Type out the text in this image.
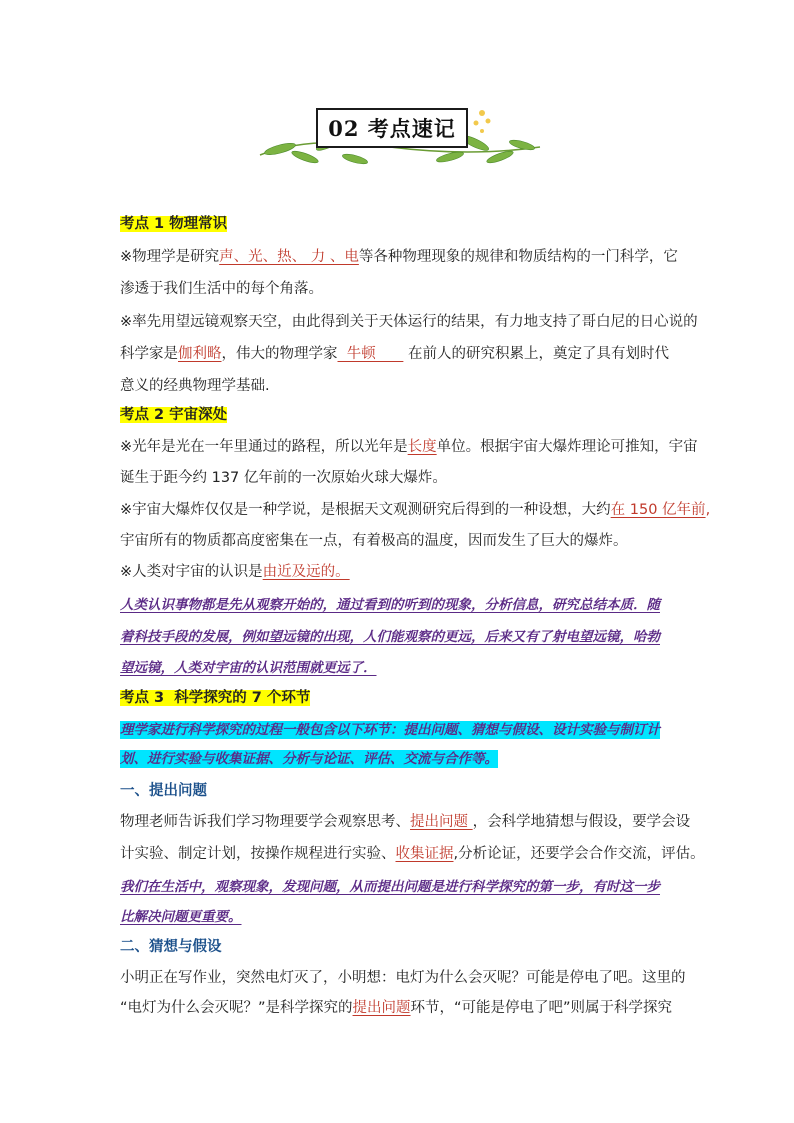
02 考点速记
考点 1 物理常识
※物理学是研究声、光、热、 力 、电等各种物理现象的规律和物质结构的一门科学，它
渗透于我们生活中的每个角落。
※率先用望远镜观察天空，由此得到关于天体运行的结果，有力地支持了哥白尼的日心说的
科学家是伽利略，伟大的物理学家  牛顿       在前人的研究积累上，奠定了具有划时代
意义的经典物理学基础.
考点 2 宇宙深处
※光年是光在一年里通过的路程，所以光年是长度单位。根据宇宙大爆炸理论可推知，宇宙
诞生于距今约 137 亿年前的一次原始火球大爆炸。
※宇宙大爆炸仅仅是一种学说，是根据天文观测研究后得到的一种设想，大约在 150 亿年前,
宇宙所有的物质都高度密集在一点，有着极高的温度，因而发生了巨大的爆炸。
※人类对宇宙的认识是由近及远的。
人类认识事物都是先从观察开始的，通过看到的听到的现象，分析信息，研究总结本质．随
着科技手段的发展，例如望远镜的出现，人们能观察的更远，后来又有了射电望远镜，哈勃
望远镜，人类对宇宙的认识范围就更远了．
考点 3  科学探究的 7 个环节
理学家进行科学探究的过程一般包含以下环节：提出问题、猜想与假设、设计实验与制订计
划、进行实验与收集证据、分析与论证、评估、交流与合作等。
一、提出问题
物理老师告诉我们学习物理要学会观察思考、提出问题 ，会科学地猜想与假设，要学会设
计实验、制定计划，按操作规程进行实验、收集证据,分析论证，还要学会合作交流，评估。
我们在生活中，观察现象，发现问题，从而提出问题是进行科学探究的第一步，有时这一步
比解决问题更重要。
二、猜想与假设
小明正在写作业，突然电灯灭了，小明想：电灯为什么会灭呢？可能是停电了吧。这里的
“电灯为什么会灭呢？”是科学探究的提出问题环节，“可能是停电了吧”则属于科学探究
